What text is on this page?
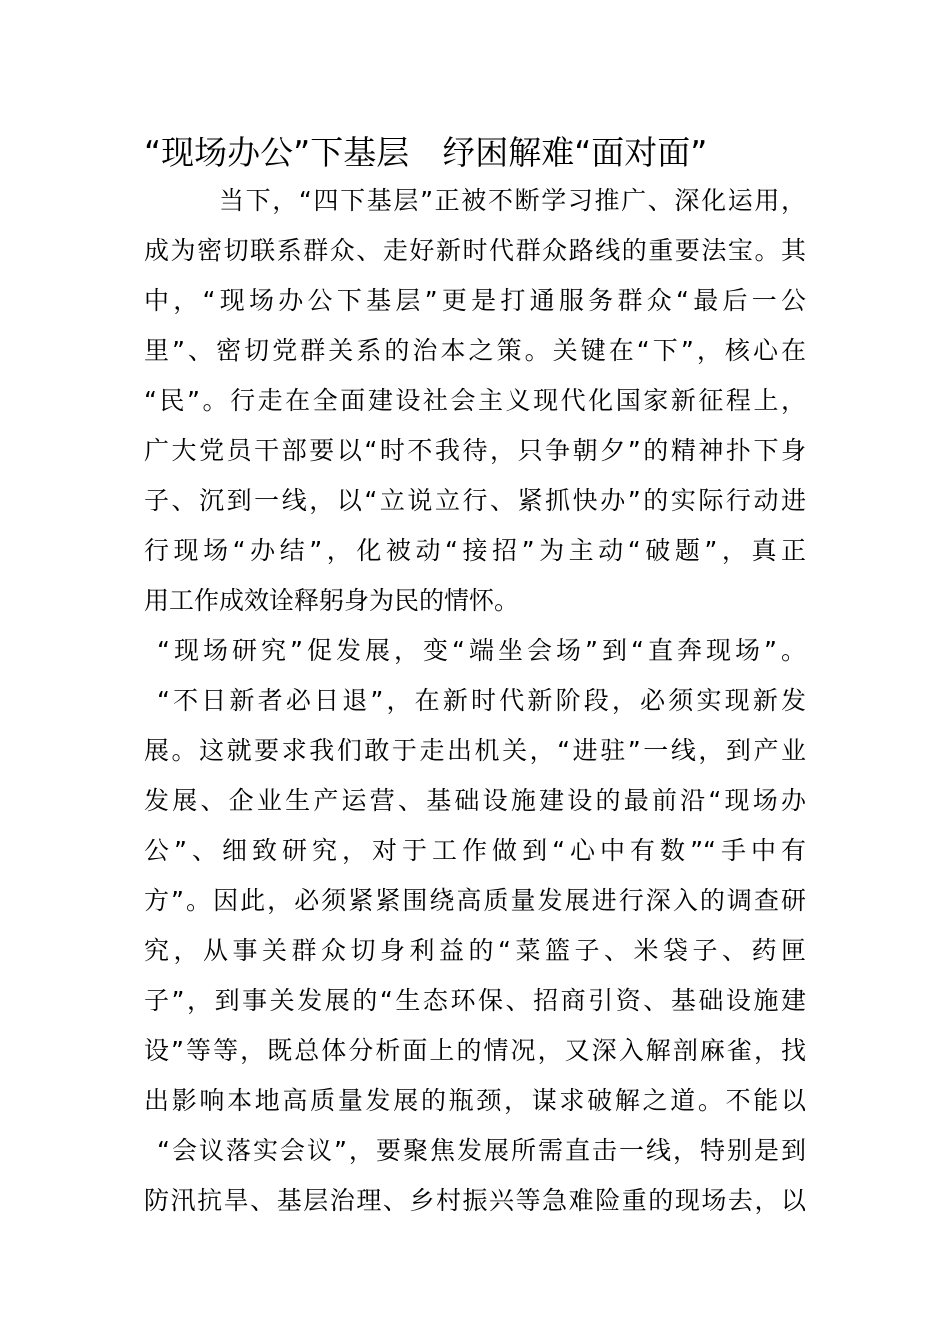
“现场办公”下基层　纾困解难“面对面”
当下，“四下基层”正被不断学习推广、深化运用，
成为密切联系群众、走好新时代群众路线的重要法宝。其
中，“现场办公下基层”更是打通服务群众“最后一公
里”、密切党群关系的治本之策。关键在“下”，核心在
“民”。行走在全面建设社会主义现代化国家新征程上，
广大党员干部要以“时不我待，只争朝夕”的精神扑下身
子、沉到一线，以“立说立行、紧抓快办”的实际行动进
行现场“办结”，化被动“接招”为主动“破题”，真正
用工作成效诠释躬身为民的情怀。
“现场研究”促发展，变“端坐会场”到“直奔现场”。
“不日新者必日退”，在新时代新阶段，必须实现新发
展。这就要求我们敢于走出机关，“进驻”一线，到产业
发展、企业生产运营、基础设施建设的最前沿“现场办
公”、细致研究，对于工作做到“心中有数”“手中有
方”。因此，必须紧紧围绕高质量发展进行深入的调查研
究，从事关群众切身利益的“菜篮子、米袋子、药匣
子”，到事关发展的“生态环保、招商引资、基础设施建
设”等等，既总体分析面上的情况，又深入解剖麻雀，找
出影响本地高质量发展的瓶颈，谋求破解之道。不能以
“会议落实会议”，要聚焦发展所需直击一线，特别是到
防汛抗旱、基层治理、乡村振兴等急难险重的现场去，以
